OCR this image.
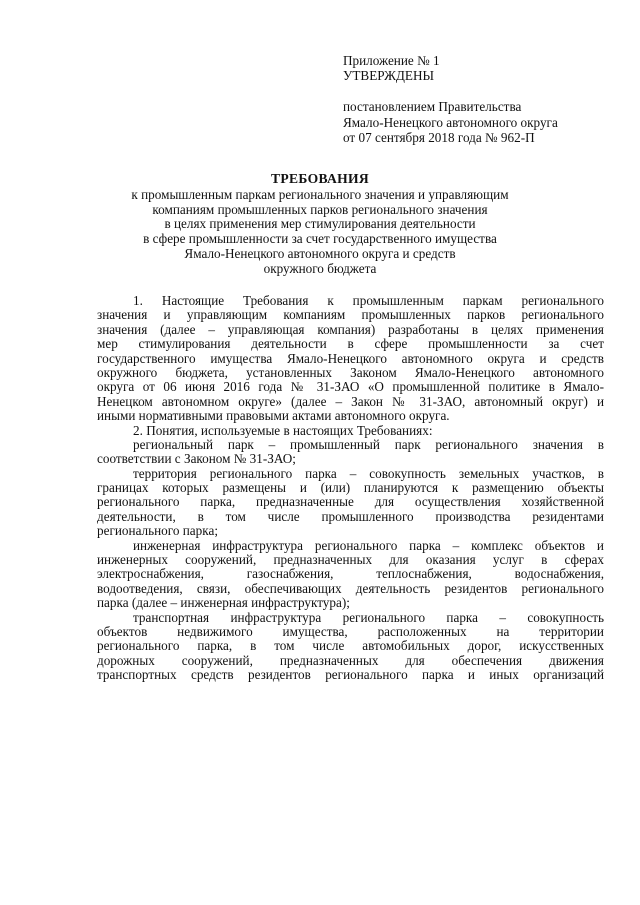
Приложение № 1
УТВЕРЖДЕНЫ
постановлением Правительства
Ямало-Ненецкого автономного округа
от 07 сентября 2018 года № 962-П
ТРЕБОВАНИЯ
к промышленным паркам регионального значения и управляющим
компаниям промышленных парков регионального значения
в целях применения мер стимулирования деятельности
в сфере промышленности за счет государственного имущества
Ямало-Ненецкого автономного округа и средств
окружного бюджета
1. Настоящие Требования к промышленным паркам регионального
значения и управляющим компаниям промышленных парков регионального
значения (далее – управляющая компания) разработаны в целях применения
мер стимулирования деятельности в сфере промышленности за счет
государственного имущества Ямало-Ненецкого автономного округа и средств
окружного бюджета, установленных Законом Ямало-Ненецкого автономного
округа от 06 июня 2016 года № 31-ЗАО «О промышленной политике в Ямало-
Ненецком автономном округе» (далее – Закон № 31-ЗАО, автономный округ) и
иными нормативными правовыми актами автономного округа.
2. Понятия, используемые в настоящих Требованиях:
региональный парк – промышленный парк регионального значения в
соответствии с Законом № 31-ЗАО;
территория регионального парка – совокупность земельных участков, в
границах которых размещены и (или) планируются к размещению объекты
регионального парка, предназначенные для осуществления хозяйственной
деятельности, в том числе промышленного производства резидентами
регионального парка;
инженерная инфраструктура регионального парка – комплекс объектов и
инженерных сооружений, предназначенных для оказания услуг в сферах
электроснабжения, газоснабжения, теплоснабжения, водоснабжения,
водоотведения, связи, обеспечивающих деятельность резидентов регионального
парка (далее – инженерная инфраструктура);
транспортная инфраструктура регионального парка – совокупность
объектов недвижимого имущества, расположенных на территории
регионального парка, в том числе автомобильных дорог, искусственных
дорожных сооружений, предназначенных для обеспечения движения
транспортных средств резидентов регионального парка и иных организаций
